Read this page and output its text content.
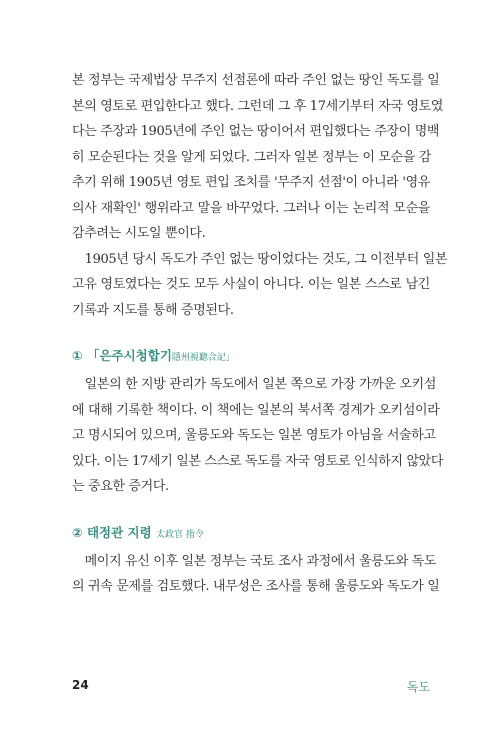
본 정부는 국제법상 무주지 선점론에 따라 주인 없는 땅인 독도를 일
본의 영토로 편입한다고 했다. 그런데 그 후 17세기부터 자국 영토였
다는 주장과 1905년에 주인 없는 땅이어서 편입했다는 주장이 명백
히 모순된다는 것을 알게 되었다. 그러자 일본 정부는 이 모순을 감
추기 위해 1905년 영토 편입 조치를 '무주지 선점'이 아니라 '영유
의사 재확인' 행위라고 말을 바꾸었다. 그러나 이는 논리적 모순을
감추려는 시도일 뿐이다.
　1905년 당시 독도가 주인 없는 땅이었다는 것도, 그 이전부터 일본
고유 영토였다는 것도 모두 사실이 아니다. 이는 일본 스스로 남긴
기록과 지도를 통해 증명된다.
① 「은주시청합기隱州視聽合記」
　일본의 한 지방 관리가 독도에서 일본 쪽으로 가장 가까운 오키섬
에 대해 기록한 책이다. 이 책에는 일본의 북서쪽 경계가 오키섬이라
고 명시되어 있으며, 울릉도와 독도는 일본 영토가 아님을 서술하고
있다. 이는 17세기 일본 스스로 독도를 자국 영토로 인식하지 않았다
는 중요한 증거다.
② 태정관 지령 太政官 指令
　메이지 유신 이후 일본 정부는 국토 조사 과정에서 울릉도와 독도
의 귀속 문제를 검토했다. 내무성은 조사를 통해 울릉도와 독도가 일
24	독도
